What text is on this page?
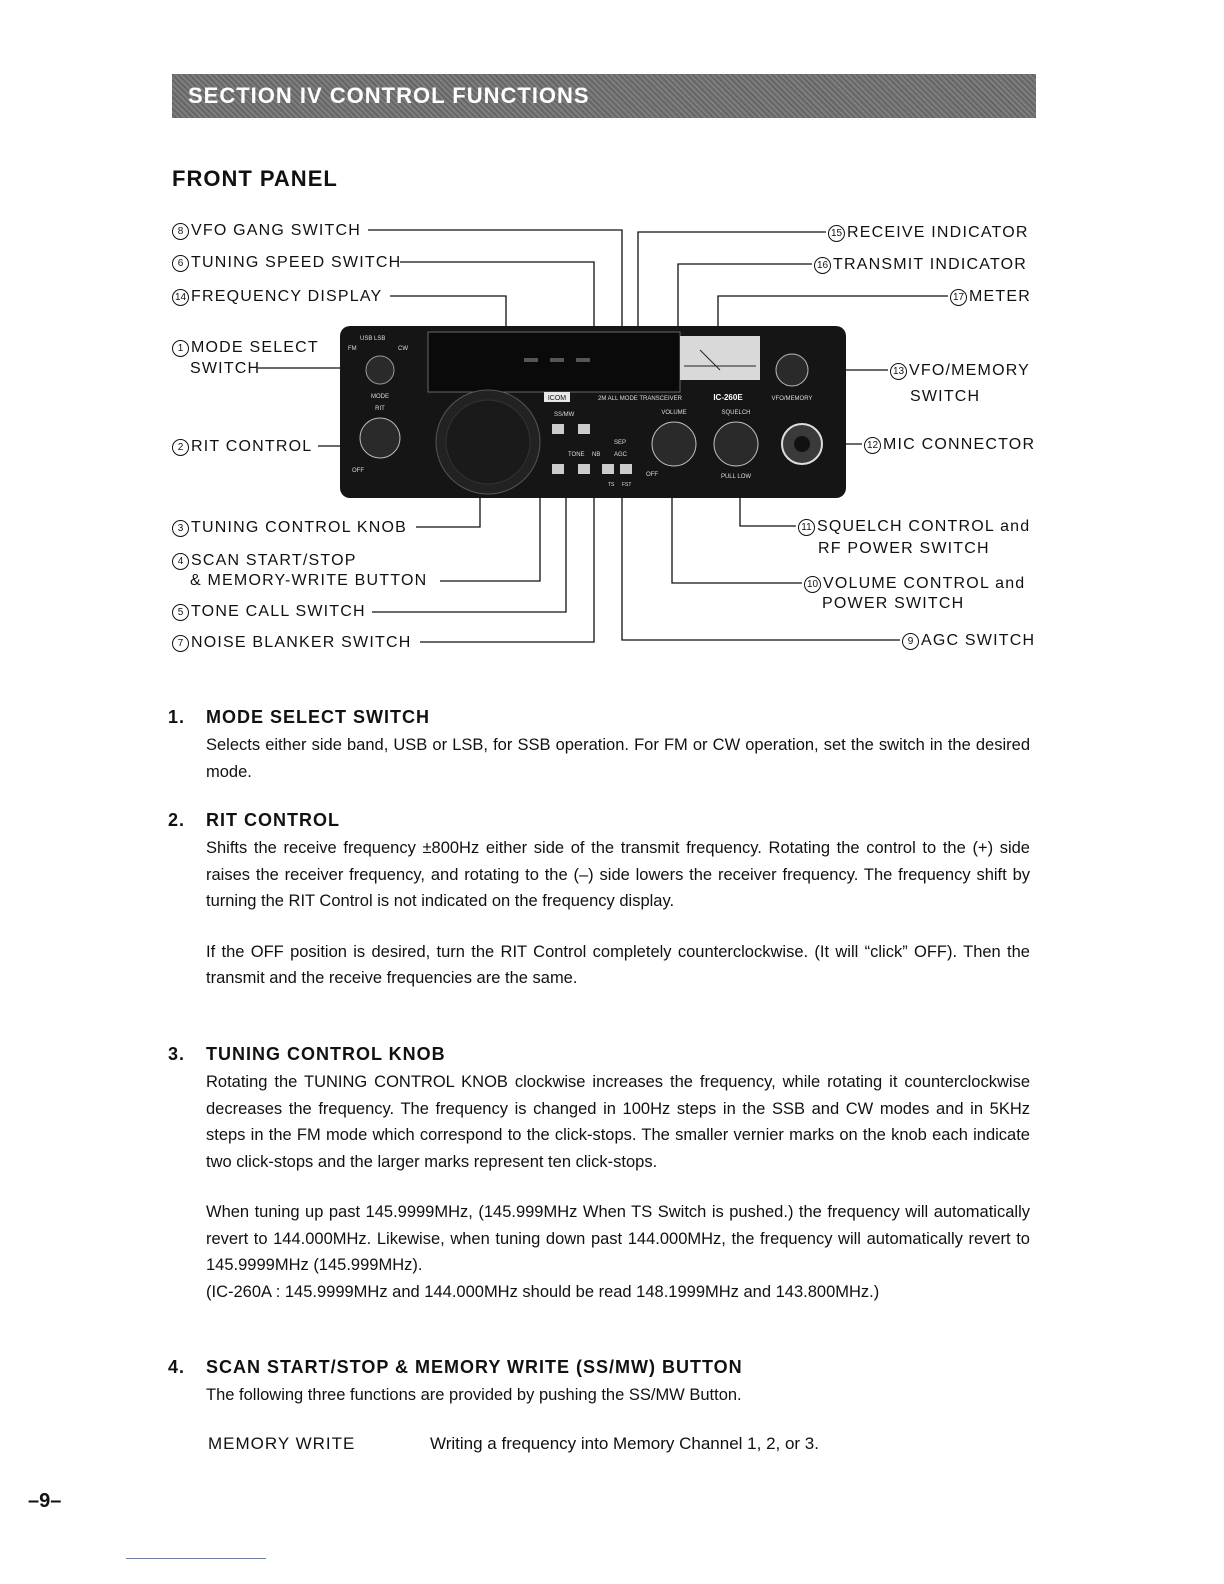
SECTION IV CONTROL FUNCTIONS
FRONT PANEL
ICOM	2M ALL MODE TRANSCEIVER	IC-260E
USB LSB
FM	CW
MODE
RIT
OFF
SS/MW
TONE NB
SEP
AGC
TS FST
VOLUME	SQUELCH
PULL LOW
OFF
VFO/MEMORY
8 VFO GANG SWITCH
6 TUNING SPEED SWITCH
14 FREQUENCY DISPLAY
1 MODE SELECT
SWITCH
2 RIT CONTROL
3 TUNING CONTROL KNOB
4 SCAN START/STOP
& MEMORY-WRITE BUTTON
5 TONE CALL SWITCH
7 NOISE BLANKER SWITCH
15 RECEIVE INDICATOR
16 TRANSMIT INDICATOR
17 METER
13 VFO/MEMORY
SWITCH
12 MIC CONNECTOR
11 SQUELCH CONTROL and
RF POWER SWITCH
10 VOLUME CONTROL and
POWER SWITCH
9 AGC SWITCH
1. MODE SELECT SWITCH

Selects either side band, USB or LSB, for SSB operation. For FM or CW operation, set the switch in the desired mode.

2. RIT CONTROL

Shifts the receive frequency ±800Hz either side of the transmit frequency. Rotating the control to the (+) side raises the receiver frequency, and rotating to the (–) side lowers the receiver frequency. The frequency shift by turning the RIT Control is not indicated on the frequency display.

If the OFF position is desired, turn the RIT Control completely counterclockwise. (It will “click” OFF). Then the transmit and the receive frequencies are the same.

3. TUNING CONTROL KNOB

Rotating the TUNING CONTROL KNOB clockwise increases the frequency, while rotating it counterclockwise decreases the frequency. The frequency is changed in 100Hz steps in the SSB and CW modes and in 5KHz steps in the FM mode which correspond to the click-stops. The smaller vernier marks on the knob each indicate two click-stops and the larger marks represent ten click-stops.

When tuning up past 145.9999MHz, (145.999MHz When TS Switch is pushed.) the frequency will automatically revert to 144.000MHz. Likewise, when tuning down past 144.000MHz, the frequency will automatically revert to 145.9999MHz (145.999MHz).

(IC-260A : 145.9999MHz and 144.000MHz should be read 148.1999MHz and 143.800MHz.)

4. SCAN START/STOP & MEMORY WRITE (SS/MW) BUTTON

The following three functions are provided by pushing the SS/MW Button.

MEMORY WRITE	Writing a frequency into Memory Channel 1, 2, or 3.
–9–
